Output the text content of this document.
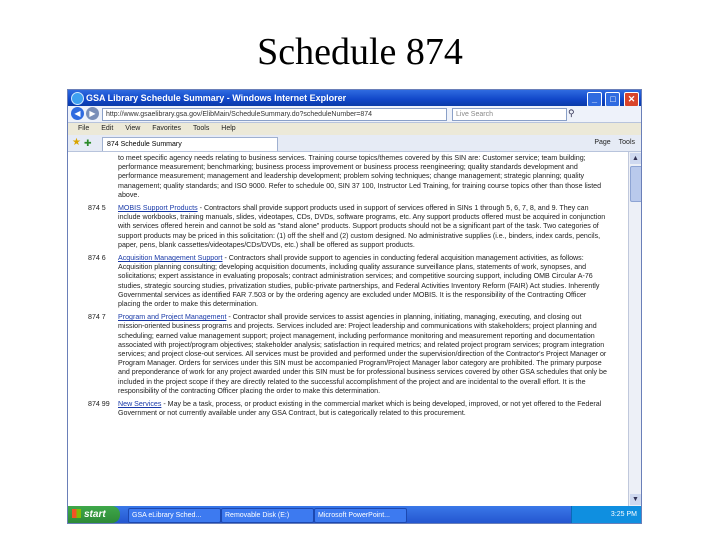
Schedule 874
GSA Library Schedule Summary - Windows Internet Explorer	_ □ ✕
◀	▶	http://www.gsaelibrary.gsa.gov/ElibMain/ScheduleSummary.do?scheduleNumber=874	Live Search	⚲
File Edit View Favorites Tools Help
★ ✚	874 Schedule Summary	Page Tools
	to meet specific agency needs relating to business services. Training course topics/themes covered by this SIN are: Customer service; team building; performance measurement; benchmarking; business process improvement or business process reengineering; quality standards development and performance measurement; management and leadership development; problem solving techniques; change management; strategic planning; quality management; quality standards; and ISO 9000. Refer to schedule 00, SIN 37 100, Instructor Led Training, for training course topics other than those listed above.

874 5	MOBIS Support Products - Contractors shall provide support products used in support of services offered in SINs 1 through 5, 6, 7, 8, and 9. They can include workbooks, training manuals, slides, videotapes, CDs, DVDs, software programs, etc. Any support products offered must be acquired in conjunction with services offered herein and cannot be sold as "stand alone" products. Support products should not be a significant part of the task. Two categories of support products may be priced in this solicitation: (1) off the shelf and (2) custom designed. No administrative supplies (i.e., binders, index cards, pencils, paper, pens, blank cassettes/videotapes/CDs/DVDs, etc.) shall be offered as support products.

874 6	Acquisition Management Support - Contractors shall provide support to agencies in conducting federal acquisition management activities, as follows: Acquisition planning consulting; developing acquisition documents, including quality assurance surveillance plans, statements of work, synopses, and solicitations; expert assistance in evaluating proposals; contract administration services; and competitive sourcing support, including OMB Circular A-76 studies, strategic sourcing studies, privatization studies, public-private partnerships, and Federal Activities Inventory Reform (FAIR) Act studies. Inherently Governmental services as identified FAR 7.503 or by the ordering agency are excluded under MOBIS. It is the responsibility of the Contracting Officer placing the order to make this determination.

874 7	Program and Project Management - Contractor shall provide services to assist agencies in planning, initiating, managing, executing, and closing out mission-oriented business programs and projects. Services included are: Project leadership and communications with stakeholders; project planning and scheduling; earned value management support; project management, including performance monitoring and measurement reporting and documentation associated with project/program objectives; stakeholder analysis; satisfaction in required metrics; and related project program services; program integration services; and project close-out services. All services must be provided and performed under the supervision/direction of the Contractor's Project Manager or Program Manager. Orders for services under this SIN must be accompanied Program/Project Manager labor category are prohibited. The primary purpose and preponderance of work for any project awarded under this SIN must be for professional business services covered by other GSA schedules that only be included in the project scope if they are directly related to the successful accomplishment of the project and are incidental to the overall effort. It is the responsibility of the contracting Officer placing the order to make this determination.

874 99	New Services - May be a task, process, or product existing in the commercial market which is being developed, improved, or not yet offered to the Federal Government or not currently available under any GSA Contract, but is categorically related to this procurement.
▲
▼
start	GSA eLibrary Sched...	Removable Disk (E:)	Microsoft PowerPoint...	3:25 PM
